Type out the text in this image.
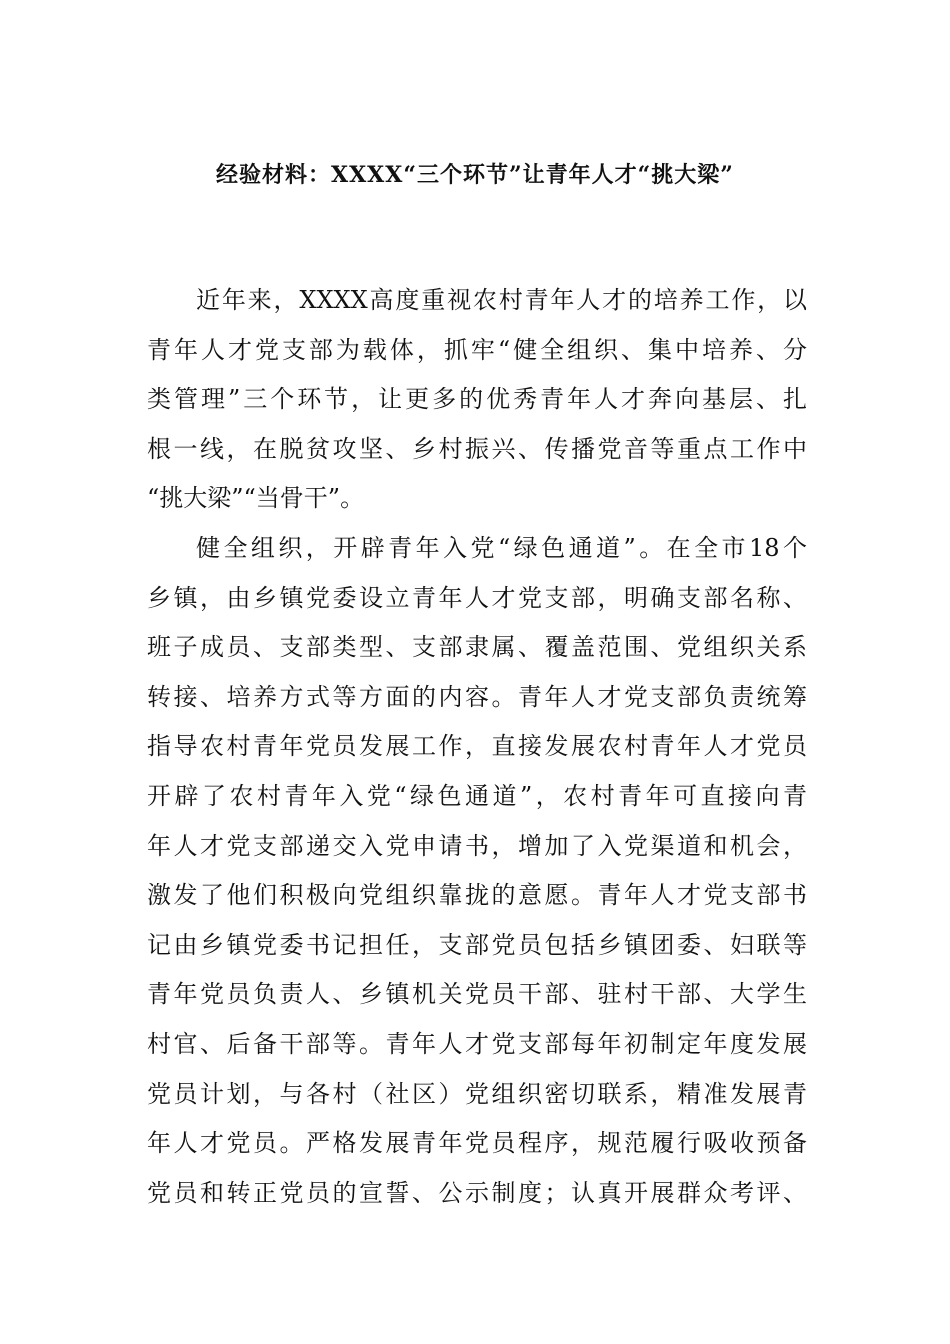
经验材料：XXXX“三个环节”让青年人才“挑大梁”
近年来，XXXX高度重视农村青年人才的培养工作，以
青年人才党支部为载体，抓牢“健全组织、集中培养、分
类管理”三个环节，让更多的优秀青年人才奔向基层、扎
根一线，在脱贫攻坚、乡村振兴、传播党音等重点工作中
“挑大梁”“当骨干”。
健全组织，开辟青年入党“绿色通道”。在全市18个
乡镇，由乡镇党委设立青年人才党支部，明确支部名称、
班子成员、支部类型、支部隶属、覆盖范围、党组织关系
转接、培养方式等方面的内容。青年人才党支部负责统筹
指导农村青年党员发展工作，直接发展农村青年人才党员
开辟了农村青年入党“绿色通道”，农村青年可直接向青
年人才党支部递交入党申请书，增加了入党渠道和机会，
激发了他们积极向党组织靠拢的意愿。青年人才党支部书
记由乡镇党委书记担任，支部党员包括乡镇团委、妇联等
青年党员负责人、乡镇机关党员干部、驻村干部、大学生
村官、后备干部等。青年人才党支部每年初制定年度发展
党员计划，与各村（社区）党组织密切联系，精准发展青
年人才党员。严格发展青年党员程序，规范履行吸收预备
党员和转正党员的宣誓、公示制度；认真开展群众考评、
